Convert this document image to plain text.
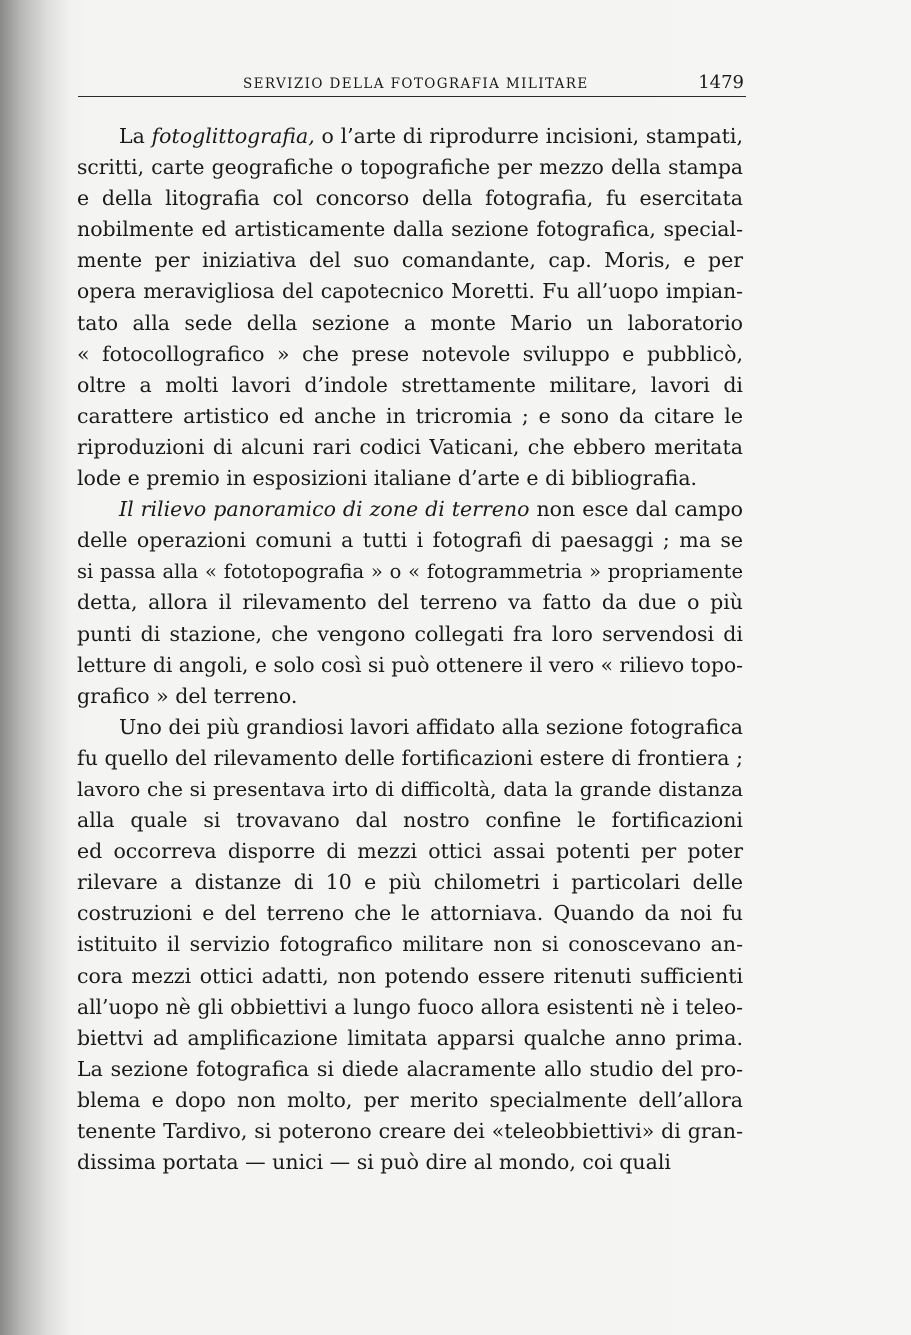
SERVIZIO DELLA FOTOGRAFIA MILITARE	1479
La fotoglittografia, o l’arte di riprodurre incisioni, stampati,
scritti, carte geografiche o topografiche per mezzo della stampa
e della litografia col concorso della fotografia, fu esercitata
nobilmente ed artisticamente dalla sezione fotografica, special-
mente per iniziativa del suo comandante, cap. Moris, e per
opera meravigliosa del capotecnico Moretti. Fu all’uopo impian-
tato alla sede della sezione a monte Mario un laboratorio
« fotocollografico » che prese notevole sviluppo e pubblicò,
oltre a molti lavori d’indole strettamente militare, lavori di
carattere artistico ed anche in tricromia ; e sono da citare le
riproduzioni di alcuni rari codici Vaticani, che ebbero meritata
lode e premio in esposizioni italiane d’arte e di bibliografia.
Il rilievo panoramico di zone di terreno non esce dal campo
delle operazioni comuni a tutti i fotografi di paesaggi ; ma se
si passa alla « fototopografia » o « fotogrammetria » propriamente
detta, allora il rilevamento del terreno va fatto da due o più
punti di stazione, che vengono collegati fra loro servendosi di
letture di angoli, e solo così si può ottenere il vero « rilievo topo-
grafico » del terreno.
Uno dei più grandiosi lavori affidato alla sezione fotografica
fu quello del rilevamento delle fortificazioni estere di frontiera ;
lavoro che si presentava irto di difficoltà, data la grande distanza
alla quale si trovavano dal nostro confine le fortificazioni
ed occorreva disporre di mezzi ottici assai potenti per poter
rilevare a distanze di 10 e più chilometri i particolari delle
costruzioni e del terreno che le attorniava. Quando da noi fu
istituito il servizio fotografico militare non si conoscevano an-
cora mezzi ottici adatti, non potendo essere ritenuti sufficienti
all’uopo nè gli obbiettivi a lungo fuoco allora esistenti nè i teleo-
biettvi ad amplificazione limitata apparsi qualche anno prima.
La sezione fotografica si diede alacramente allo studio del pro-
blema e dopo non molto, per merito specialmente dell’allora
tenente Tardivo, si poterono creare dei «teleobbiettivi» di gran-
dissima portata — unici — si può dire al mondo, coi quali
